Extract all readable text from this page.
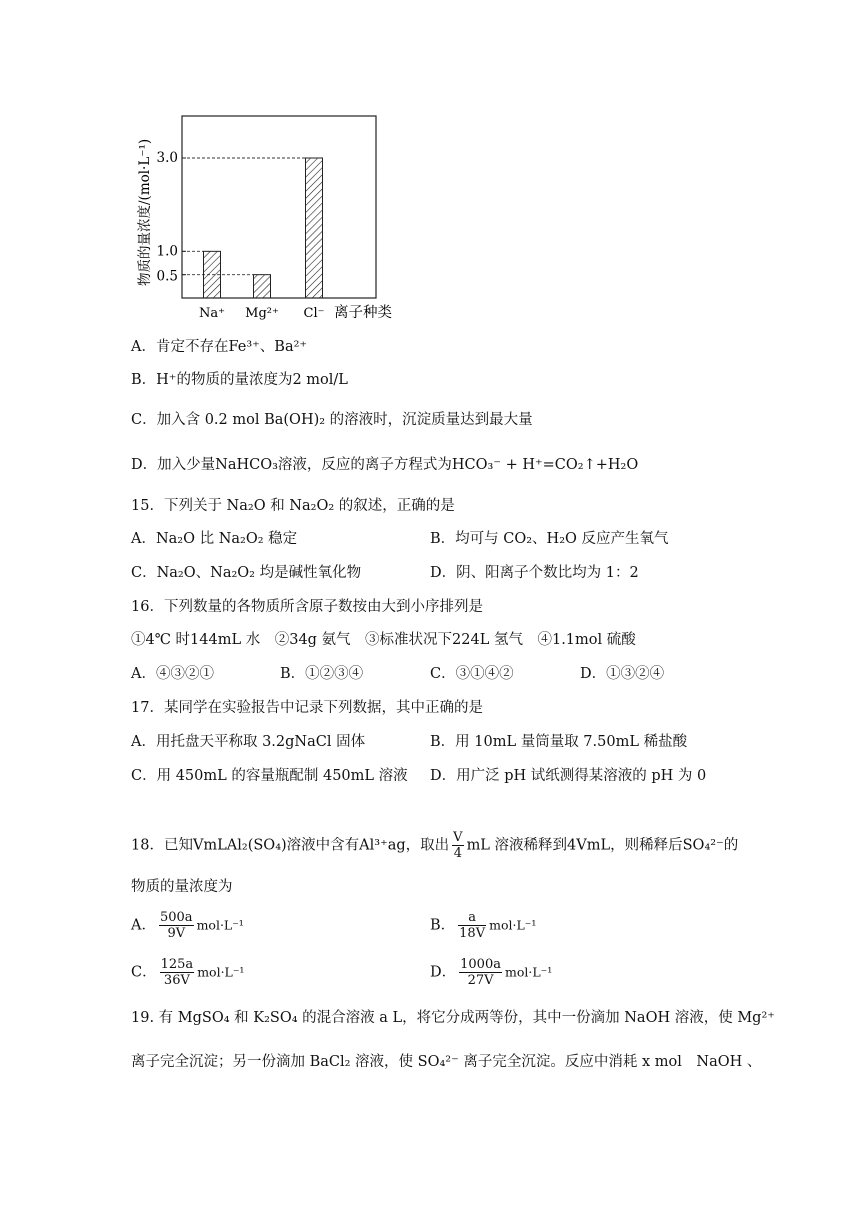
物质的量浓度/(mol·L⁻¹) 3.0
1.0
0.5
Na⁺ Mg²⁺ Cl⁻ 离子种类
A．肯定不存在Fe³⁺、Ba²⁺
B．H⁺的物质的量浓度为2 mol/L
C．加入含 0.2 mol Ba(OH)₂ 的溶液时，沉淀质量达到最大量
D．加入少量NaHCO₃溶液，反应的离子方程式为HCO₃⁻ + H⁺=CO₂↑+H₂O
15．下列关于 Na₂O 和 Na₂O₂ 的叙述，正确的是
A．Na₂O 比 Na₂O₂ 稳定	B．均可与 CO₂、H₂O 反应产生氧气
C．Na₂O、Na₂O₂ 均是碱性氧化物	D．阴、阳离子个数比均为 1：2
16．下列数量的各物质所含原子数按由大到小序排列是
①4℃ 时144mL 水　②34g 氨气　③标准状况下224L 氢气　④1.1mol 硫酸
A．④③②①	B．①②③④	C．③①④②	D．①③②④
17．某同学在实验报告中记录下列数据，其中正确的是
A．用托盘天平称取 3.2gNaCl 固体	B．用 10mL 量筒量取 7.50mL 稀盐酸
C．用 450mL 的容量瓶配制 450mL 溶液 D．用广泛 pH 试纸测得某溶液的 pH 为 0
18．已知VmLAl₂(SO₄)溶液中含有Al³⁺ag，取出 $\frac{V}{4}$ mL 溶液稀释到4VmL，则稀释后SO₄²⁻的
物质的量浓度为
A． $\frac{500a}{9V} mol\cdot L^{-1}$	B． $\frac{a}{18V} mol\cdot L^{-1}$
C． $\frac{125a}{36V} mol\cdot L^{-1}$	D． $\frac{1000a}{27V} mol\cdot L^{-1}$
19. 有 MgSO₄ 和 K₂SO₄ 的混合溶液 a L，将它分成两等份，其中一份滴加 NaOH 溶液，使 Mg²⁺
离子完全沉淀；另一份滴加 BaCl₂ 溶液，使 SO₄²⁻ 离子完全沉淀。反应中消耗 x mol　NaOH 、
